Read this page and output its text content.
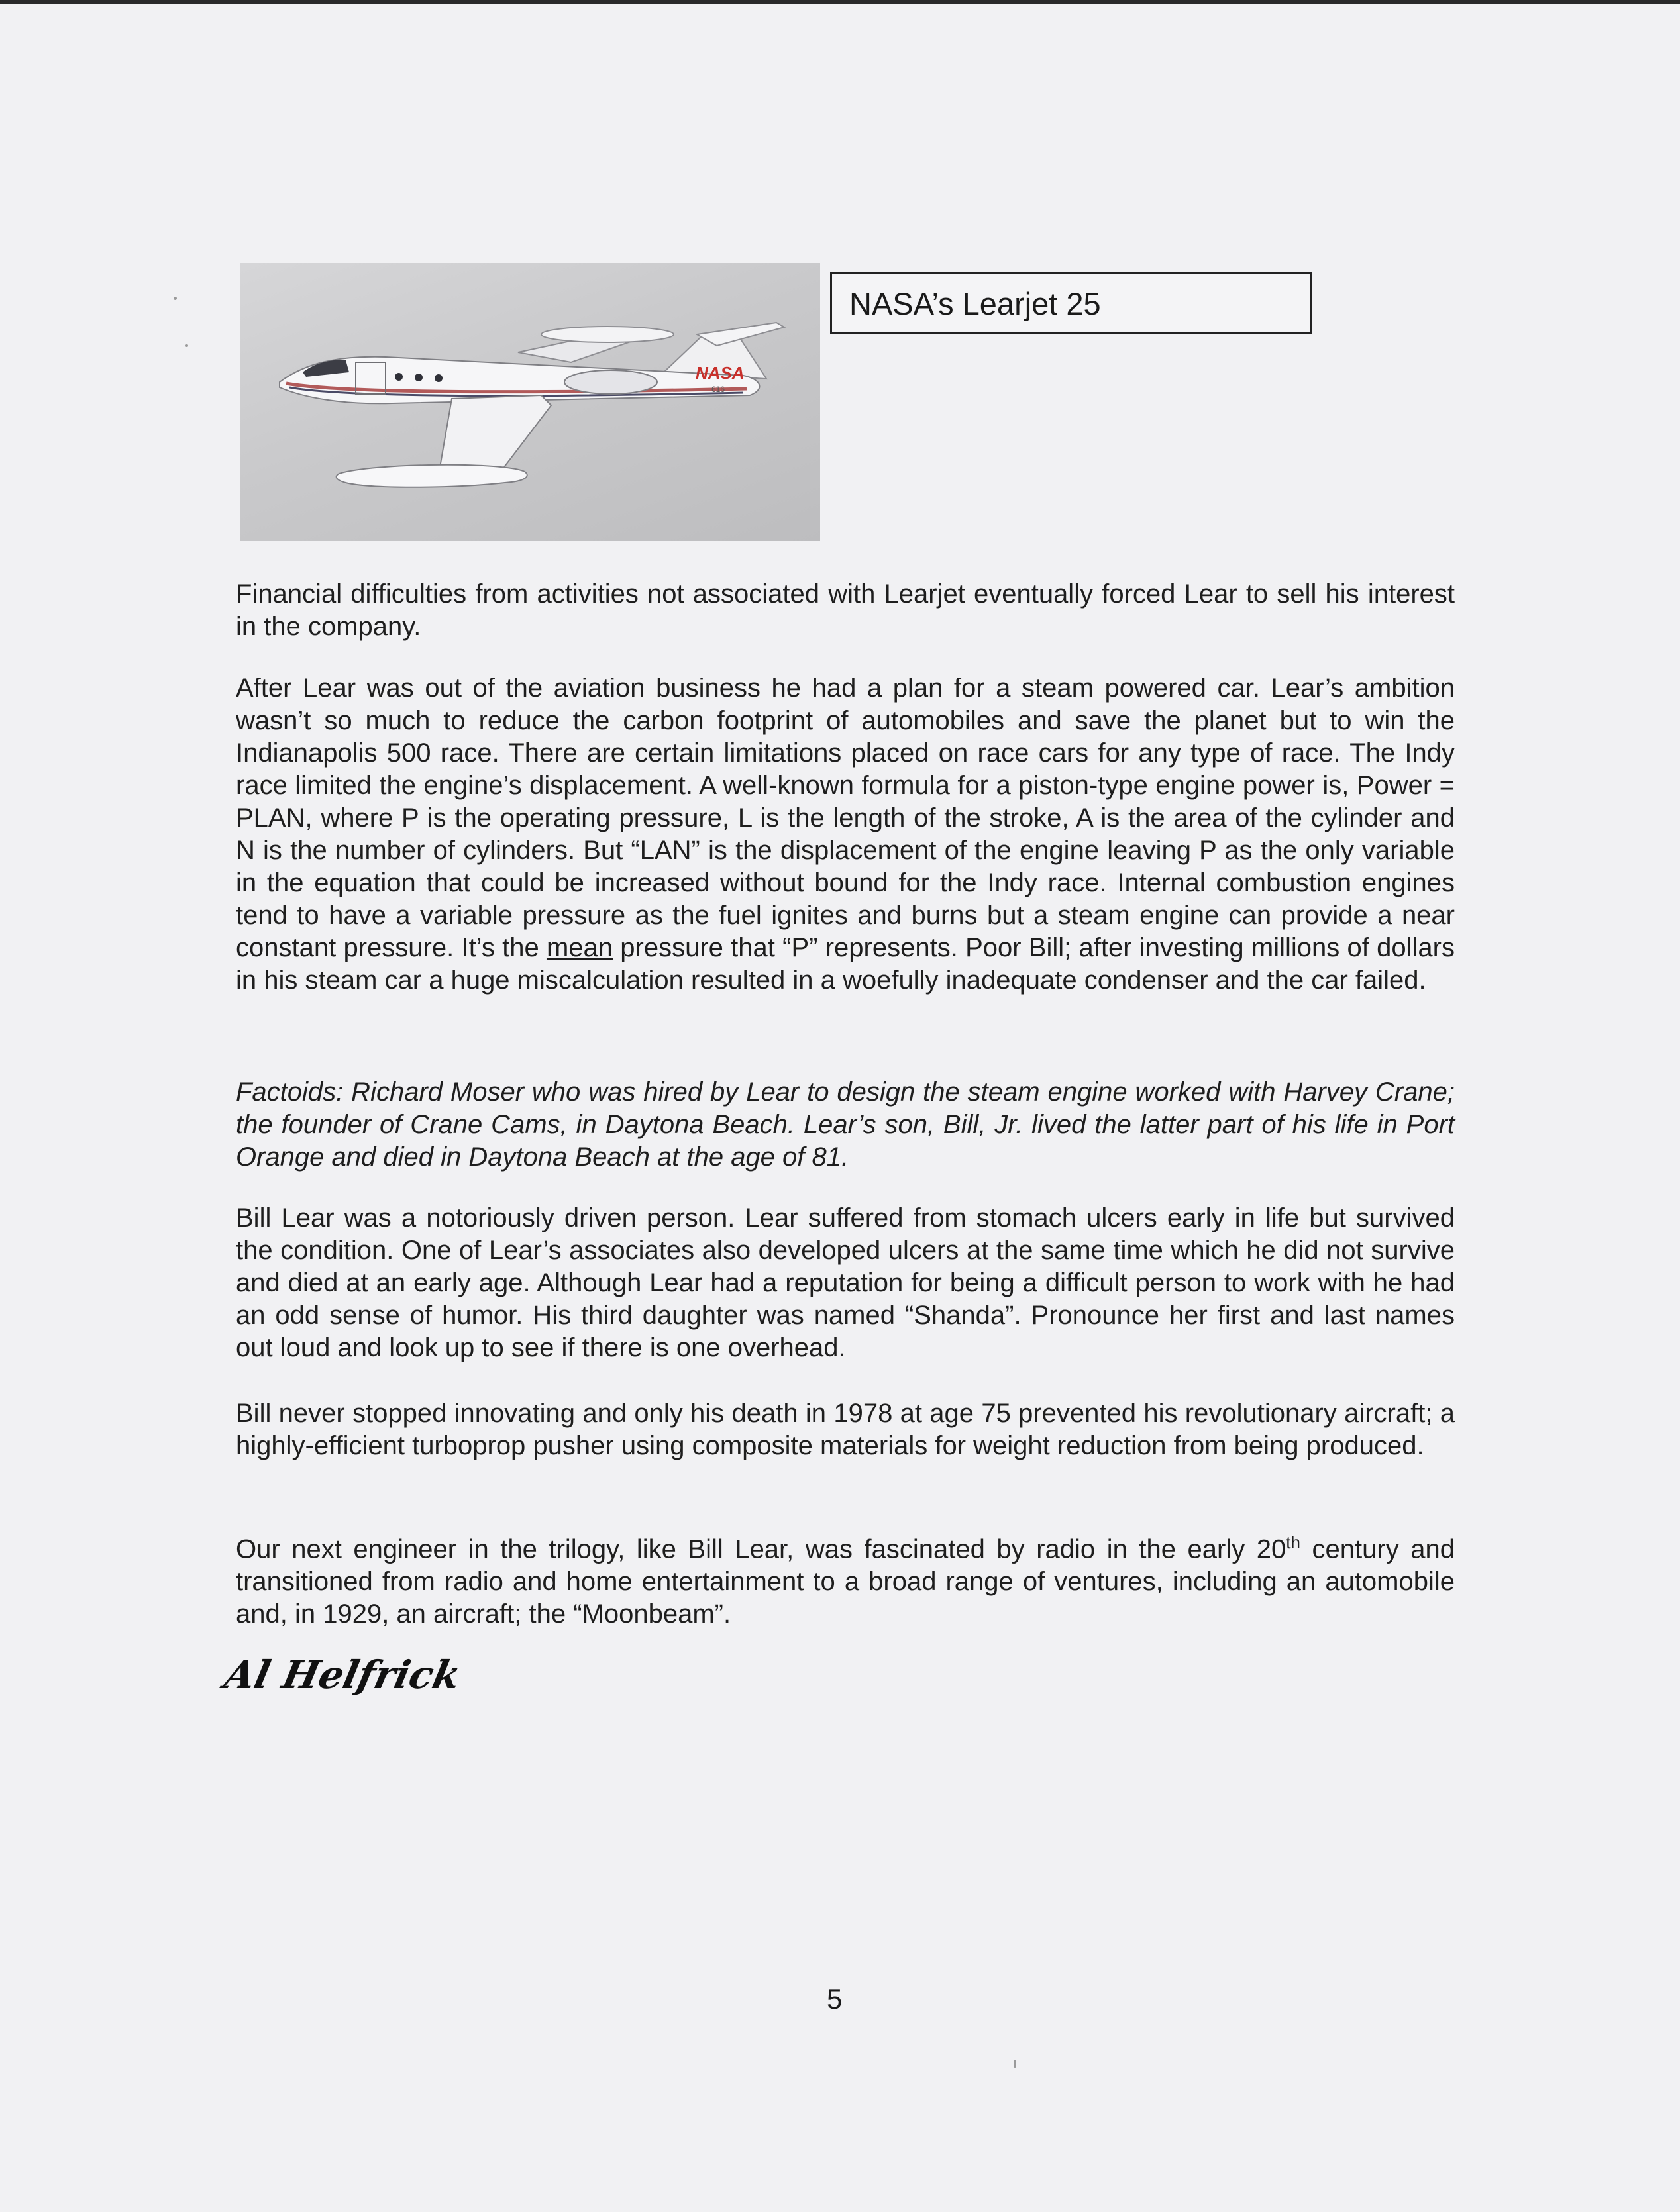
NASA
616
NASA’s Learjet 25

Financial difficulties from activities not associated with Learjet eventually forced Lear to sell his interest in the company.

After Lear was out of the aviation business he had a plan for a steam powered car. Lear’s ambition wasn’t so much to reduce the carbon footprint of automobiles and save the planet but to win the Indianapolis 500 race. There are certain limitations placed on race cars for any type of race. The Indy race limited the engine’s displacement. A well-known formula for a piston-type engine power is, Power = PLAN, where P is the operating pressure, L is the length of the stroke, A is the area of the cylinder and N is the number of cylinders. But “LAN” is the displacement of the engine leaving P as the only variable in the equation that could be increased without bound for the Indy race. Internal combustion engines tend to have a variable pressure as the fuel ignites and burns but a steam engine can provide a near constant pressure. It’s the mean pressure that “P” represents. Poor Bill; after investing millions of dollars in his steam car a huge miscalculation resulted in a woefully inadequate condenser and the car failed.

Factoids: Richard Moser who was hired by Lear to design the steam engine worked with Harvey Crane; the founder of Crane Cams, in Daytona Beach. Lear’s son, Bill, Jr. lived the latter part of his life in Port Orange and died in Daytona Beach at the age of 81.

Bill Lear was a notoriously driven person. Lear suffered from stomach ulcers early in life but survived the condition. One of Lear’s associates also developed ulcers at the same time which he did not survive and died at an early age. Although Lear had a reputation for being a difficult person to work with he had an odd sense of humor. His third daughter was named “Shanda”. Pronounce her first and last names out loud and look up to see if there is one overhead.

Bill never stopped innovating and only his death in 1978 at age 75 prevented his revolutionary aircraft; a highly-efficient turboprop pusher using composite materials for weight reduction from being produced.

Our next engineer in the trilogy, like Bill Lear, was fascinated by radio in the early 20th century and transitioned from radio and home entertainment to a broad range of ventures, including an automobile and, in 1929, an aircraft; the “Moonbeam”.

Al Helfrick
5
